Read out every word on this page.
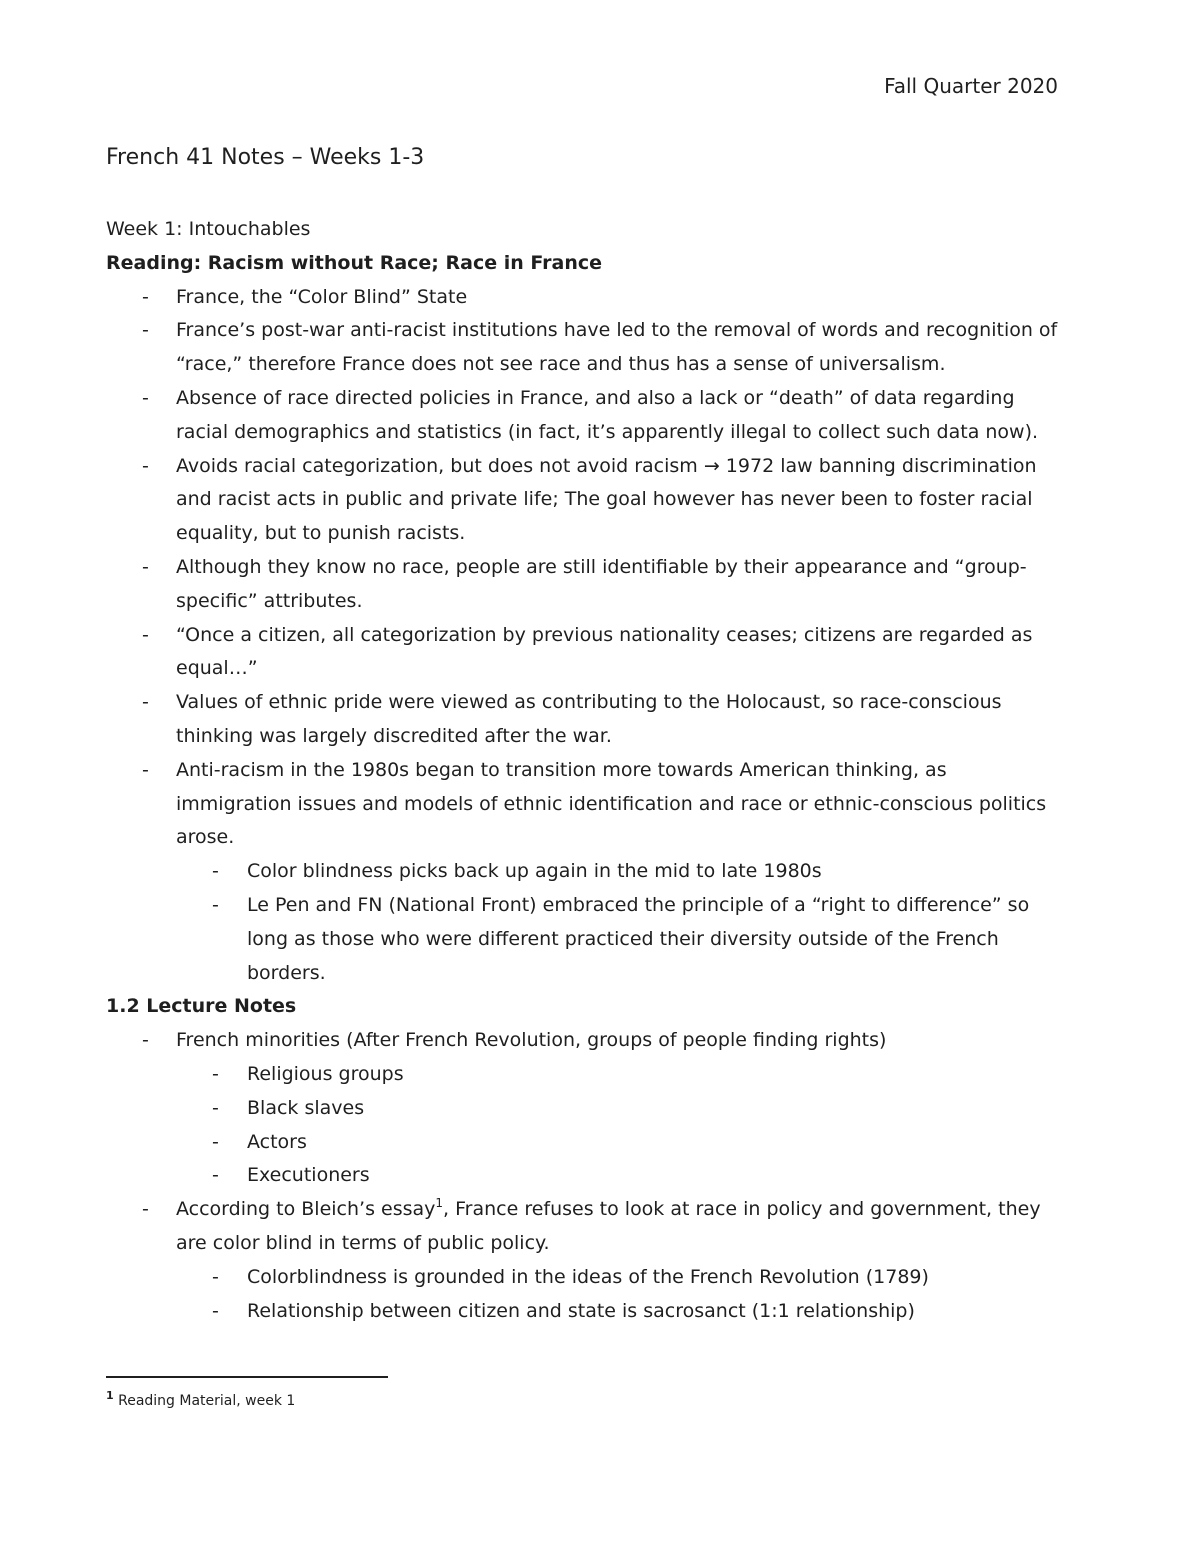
Fall Quarter 2020
French 41 Notes – Weeks 1-3

Week 1: Intouchables

Reading: Racism without Race; Race in France

- France, the “Color Blind” State
- France’s post-war anti-racist institutions have led to the removal of words and recognition of “race,” therefore France does not see race and thus has a sense of universalism.
- Absence of race directed policies in France, and also a lack or “death” of data regarding racial demographics and statistics (in fact, it’s apparently illegal to collect such data now).
- Avoids racial categorization, but does not avoid racism → 1972 law banning discrimination and racist acts in public and private life; The goal however has never been to foster racial equality, but to punish racists.
- Although they know no race, people are still identifiable by their appearance and “group-specific” attributes.
- “Once a citizen, all categorization by previous nationality ceases; citizens are regarded as equal…”
- Values of ethnic pride were viewed as contributing to the Holocaust, so race-conscious thinking was largely discredited after the war.
- Anti-racism in the 1980s began to transition more towards American thinking, as immigration issues and models of ethnic identification and race or ethnic-conscious politics arose.
- Color blindness picks back up again in the mid to late 1980s
- Le Pen and FN (National Front) embraced the principle of a “right to difference” so long as those who were different practiced their diversity outside of the French borders.

1.2 Lecture Notes

- French minorities (After French Revolution, groups of people finding rights)
- Religious groups
- Black slaves
- Actors
- Executioners
- According to Bleich’s essay$^1$, France refuses to look at race in policy and government, they are color blind in terms of public policy.
- Colorblindness is grounded in the ideas of the French Revolution (1789)
- Relationship between citizen and state is sacrosanct (1:1 relationship)
$^1$ Reading Material, week 1
